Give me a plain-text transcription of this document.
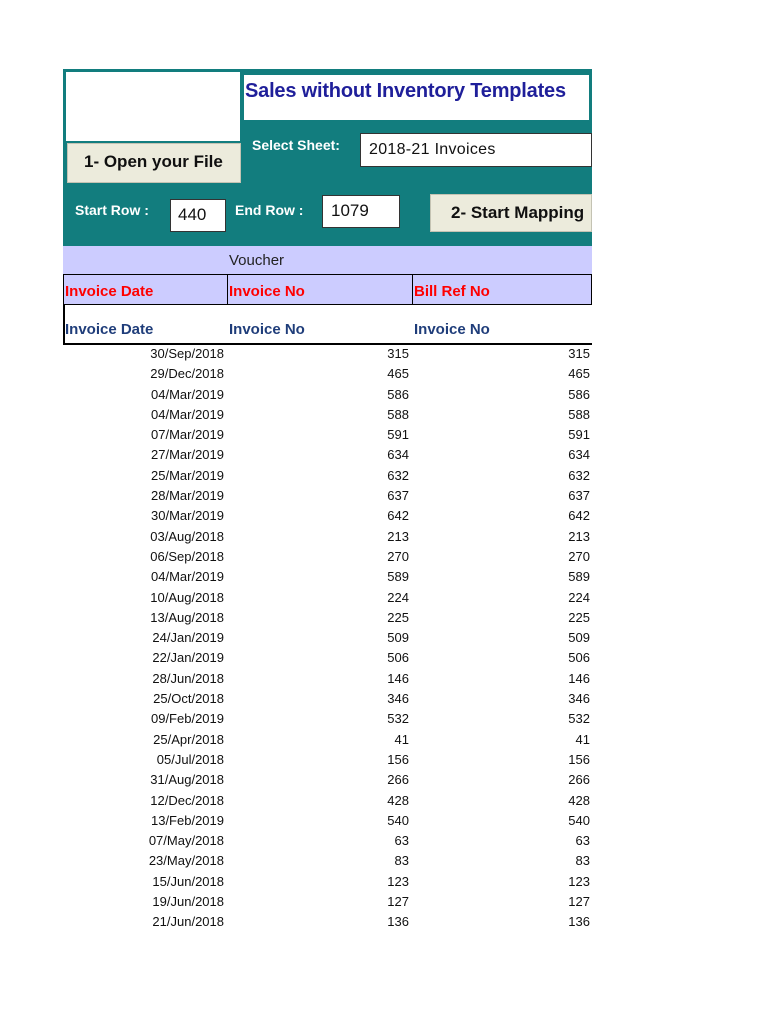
Sales without Inventory Templates
1- Open your File
Select Sheet:	2018-21 Invoices
Start Row :	440	End Row :	1079	2- Start Mapping
Voucher
Invoice Date	Invoice No	Bill Ref No
Invoice Date	Invoice No	Invoice No
30/Sep/2018	315	315
29/Dec/2018	465	465
04/Mar/2019	586	586
04/Mar/2019	588	588
07/Mar/2019	591	591
27/Mar/2019	634	634
25/Mar/2019	632	632
28/Mar/2019	637	637
30/Mar/2019	642	642
03/Aug/2018	213	213
06/Sep/2018	270	270
04/Mar/2019	589	589
10/Aug/2018	224	224
13/Aug/2018	225	225
24/Jan/2019	509	509
22/Jan/2019	506	506
28/Jun/2018	146	146
25/Oct/2018	346	346
09/Feb/2019	532	532
25/Apr/2018	41	41
05/Jul/2018	156	156
31/Aug/2018	266	266
12/Dec/2018	428	428
13/Feb/2019	540	540
07/May/2018	63	63
23/May/2018	83	83
15/Jun/2018	123	123
19/Jun/2018	127	127
21/Jun/2018	136	136
